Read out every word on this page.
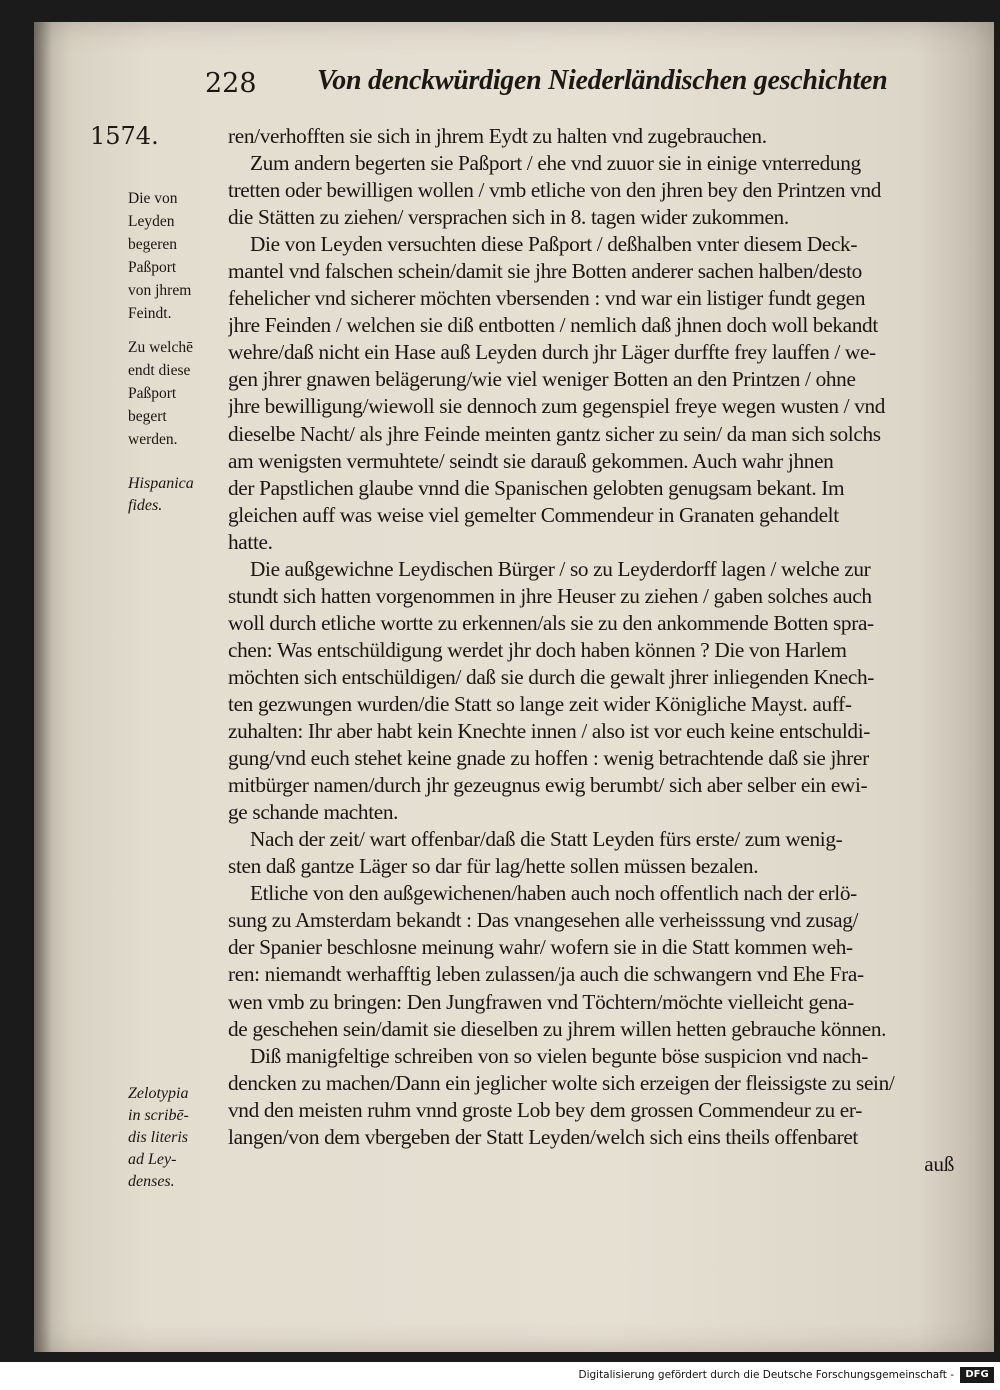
228 Von denckwürdigen Niederländischen geschichten
1574.	ren/verhofften sie sich in jhrem Eydt zu halten vnd zugebrauchen.
Zum andern begerten sie Paßport / ehe vnd zuuor sie in einige vnterredung
tretten oder bewilligen wollen / vmb etliche von den jhren bey den Printzen vnd
die Stätten zu ziehen/ versprachen sich in 8. tagen wider zukommen.
Die von Leyden versuchten diese Paßport / deßhalben vnter diesem Deck-
mantel vnd falschen schein/damit sie jhre Botten anderer sachen halben/desto
fehelicher vnd sicherer möchten vbersenden : vnd war ein listiger fundt gegen
jhre Feinden / welchen sie diß entbotten / nemlich daß jhnen doch woll bekandt
wehre/daß nicht ein Hase auß Leyden durch jhr Läger durffte frey lauffen / we-
gen jhrer gnawen belägerung/wie viel weniger Botten an den Printzen / ohne
jhre bewilligung/wiewoll sie dennoch zum gegenspiel freye wegen wusten / vnd
dieselbe Nacht/ als jhre Feinde meinten gantz sicher zu sein/ da man sich solchs
am wenigsten vermuhtete/ seindt sie darauß gekommen. Auch wahr jhnen
der Papstlichen glaube vnnd die Spanischen gelobten genugsam bekant. Im
gleichen auff was weise viel gemelter Commendeur in Granaten gehandelt
hatte.
Die außgewichne Leydischen Bürger / so zu Leyderdorff lagen / welche zur
stundt sich hatten vorgenommen in jhre Heuser zu ziehen / gaben solches auch
woll durch etliche wortte zu erkennen/als sie zu den ankommende Botten spra-
chen: Was entschüldigung werdet jhr doch haben können ? Die von Harlem
möchten sich entschüldigen/ daß sie durch die gewalt jhrer inliegenden Knech-
ten gezwungen wurden/die Statt so lange zeit wider Königliche Mayst. auff-
zuhalten: Ihr aber habt kein Knechte innen / also ist vor euch keine entschuldi-
gung/vnd euch stehet keine gnade zu hoffen : wenig betrachtende daß sie jhrer
mitbürger namen/durch jhr gezeugnus ewig berumbt/ sich aber selber ein ewi-
ge schande machten.
Nach der zeit/ wart offenbar/daß die Statt Leyden fürs erste/ zum wenig-
sten daß gantze Läger so dar für lag/hette sollen müssen bezalen.
Etliche von den außgewichenen/haben auch noch offentlich nach der erlö-
sung zu Amsterdam bekandt : Das vnangesehen alle verheisssung vnd zusag/
der Spanier beschlosne meinung wahr/ wofern sie in die Statt kommen weh-
ren: niemandt werhafftig leben zulassen/ja auch die schwangern vnd Ehe Fra-
wen vmb zu bringen: Den Jungfrawen vnd Töchtern/möchte vielleicht gena-
de geschehen sein/damit sie dieselben zu jhrem willen hetten gebrauche können.
Diß manigfeltige schreiben von so vielen begunte böse suspicion vnd nach-
dencken zu machen/Dann ein jeglicher wolte sich erzeigen der fleissigste zu sein/
vnd den meisten ruhm vnnd groste Lob bey dem grossen Commendeur zu er-
langen/von dem vbergeben der Statt Leyden/welch sich eins theils offenbaret
auß
Die von
Leyden
begeren
Paßport
von jhrem
Feindt.
Zu welchē
endt diese
Paßport
begert
werden.
Hispanica
fides.
Zelotypia
in scribē-
dis literis
ad Ley-
denses.
Digitalisierung gefördert durch die Deutsche Forschungsgemeinschaft -	DFG
